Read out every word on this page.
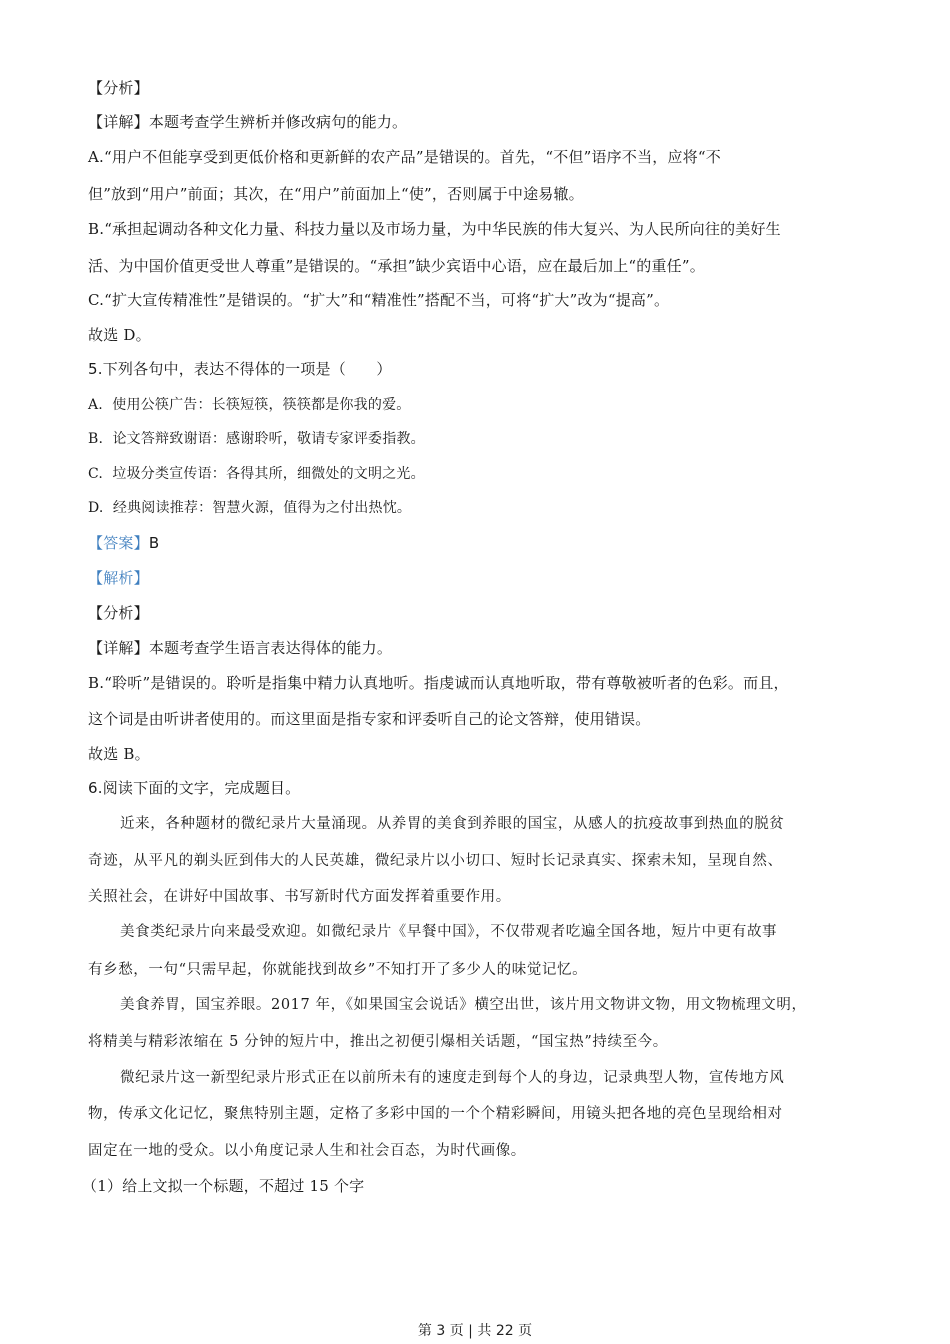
【分析】
【详解】本题考查学生辨析并修改病句的能力。
A.“用户不但能享受到更低价格和更新鲜的农产品”是错误的。首先，“不但”语序不当，应将“不
但”放到“用户”前面；其次，在“用户”前面加上“使”，否则属于中途易辙。
B.“承担起调动各种文化力量、科技力量以及市场力量，为中华民族的伟大复兴、为人民所向往的美好生
活、为中国价值更受世人尊重”是错误的。“承担”缺少宾语中心语，应在最后加上“的重任”。
C.“扩大宣传精准性”是错误的。“扩大”和“精准性”搭配不当，可将“扩大”改为“提高”。
故选 D。
5.下列各句中，表达不得体的一项是（　　）
A. 使用公筷广告：长筷短筷，筷筷都是你我的爱。
B. 论文答辩致谢语：感谢聆听，敬请专家评委指教。
C. 垃圾分类宣传语：各得其所，细微处的文明之光。
D. 经典阅读推荐：智慧火源，值得为之付出热忱。
【答案】B
【解析】
【分析】
【详解】本题考查学生语言表达得体的能力。
B.“聆听”是错误的。聆听是指集中精力认真地听。指虔诚而认真地听取，带有尊敬被听者的色彩。而且，
这个词是由听讲者使用的。而这里面是指专家和评委听自己的论文答辩，使用错误。
故选 B。
6.阅读下面的文字，完成题目。
近来，各种题材的微纪录片大量涌现。从养胃的美食到养眼的国宝，从感人的抗疫故事到热血的脱贫
奇迹，从平凡的剃头匠到伟大的人民英雄，微纪录片以小切口、短时长记录真实、探索未知，呈现自然、
关照社会，在讲好中国故事、书写新时代方面发挥着重要作用。
美食类纪录片向来最受欢迎。如微纪录片《早餐中国》，不仅带观者吃遍全国各地，短片中更有故事
有乡愁，一句“只需早起，你就能找到故乡”不知打开了多少人的味觉记忆。
美食养胃，国宝养眼。2017 年，《如果国宝会说话》横空出世，该片用文物讲文物，用文物梳理文明，
将精美与精彩浓缩在 5 分钟的短片中，推出之初便引爆相关话题，“国宝热”持续至今。
微纪录片这一新型纪录片形式正在以前所未有的速度走到每个人的身边，记录典型人物，宣传地方风
物，传承文化记忆，聚焦特别主题，定格了多彩中国的一个个精彩瞬间，用镜头把各地的亮色呈现给相对
固定在一地的受众。以小角度记录人生和社会百态，为时代画像。
（1）给上文拟一个标题，不超过 15 个字
第 3 页 | 共 22 页
